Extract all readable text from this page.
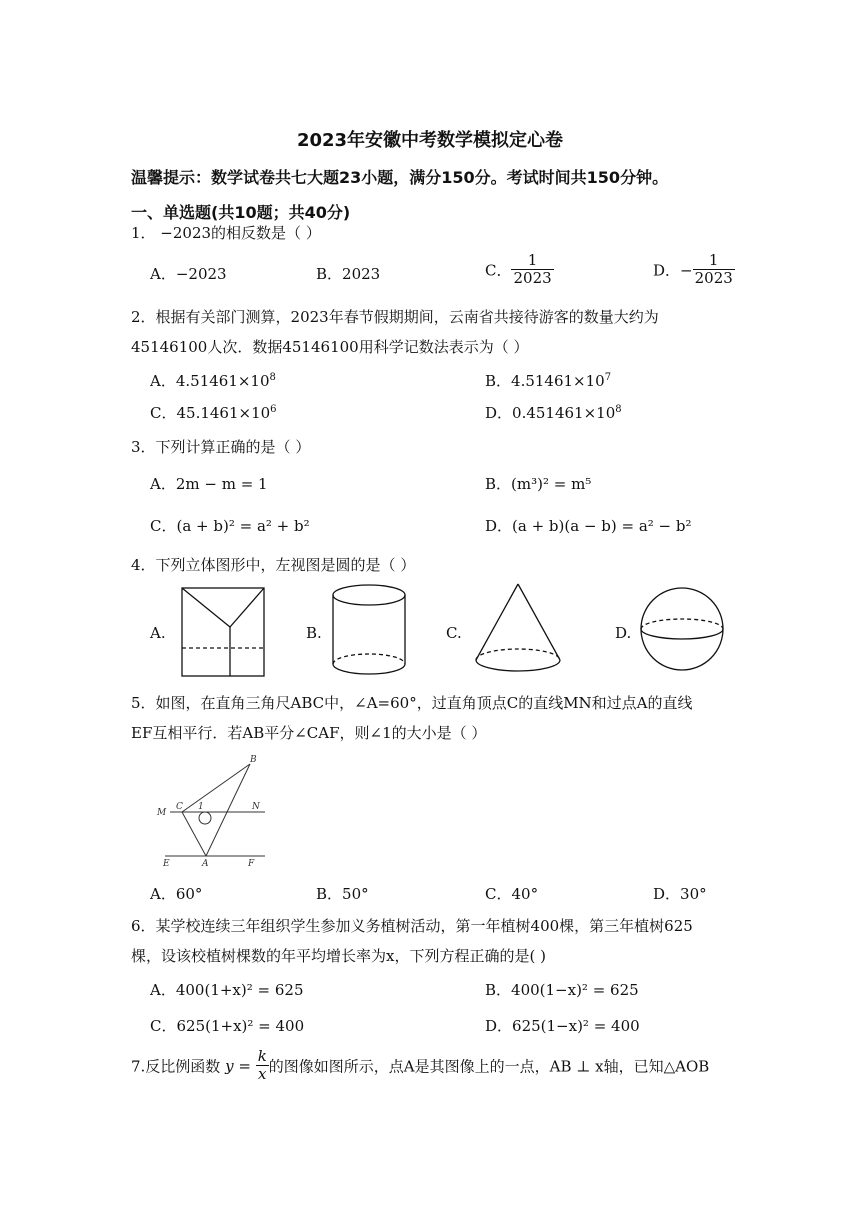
2023年安徽中考数学模拟定心卷
温馨提示：数学试卷共七大题23小题，满分150分。考试时间共150分钟。
一、单选题(共10题；共40分)
1． −2023的相反数是（ ）
A．−2023	B．2023	C． $\frac{1}{2023}$	D．− $\frac{1}{2023}$
2．根据有关部门测算，2023年春节假期期间，云南省共接待游客的数量大约为
45146100人次．数据45146100用科学记数法表示为（ ）
A．$4.51461\times 10^8$	B．$4.51461\times 10^7$
C．$45.1461\times 10^6$	D．$0.451461\times 10^8$
3．下列计算正确的是（ ）
A．2m − m = 1	B．(m³)² = m⁵
C．(a + b)² = a² + b²	D．(a + b)(a − b) = a² − b²
4．下列立体图形中，左视图是圆的是（ ）
A.	B.	C.	D.
5．如图，在直角三角尺ABC中，∠A=60°，过直角顶点C的直线MN和过点A的直线
EF互相平行．若AB平分∠CAF，则∠1的大小是（ ）
B
C 1
M
N
E	A	F
A．60°	B．50°	C．40°	D．30°
6．某学校连续三年组织学生参加义务植树活动，第一年植树400棵，第三年植树625
棵，设该校植树棵数的年平均增长率为x，下列方程正确的是( )
A．400(1+x)² = 625	B．400(1−x)² = 625
C．625(1+x)² = 400	D．625(1−x)² = 400
7.反比例函数 $y = \frac{k}{x}$ 的图像如图所示，点A是其图像上的一点，AB ⊥ x轴，已知△AOB
